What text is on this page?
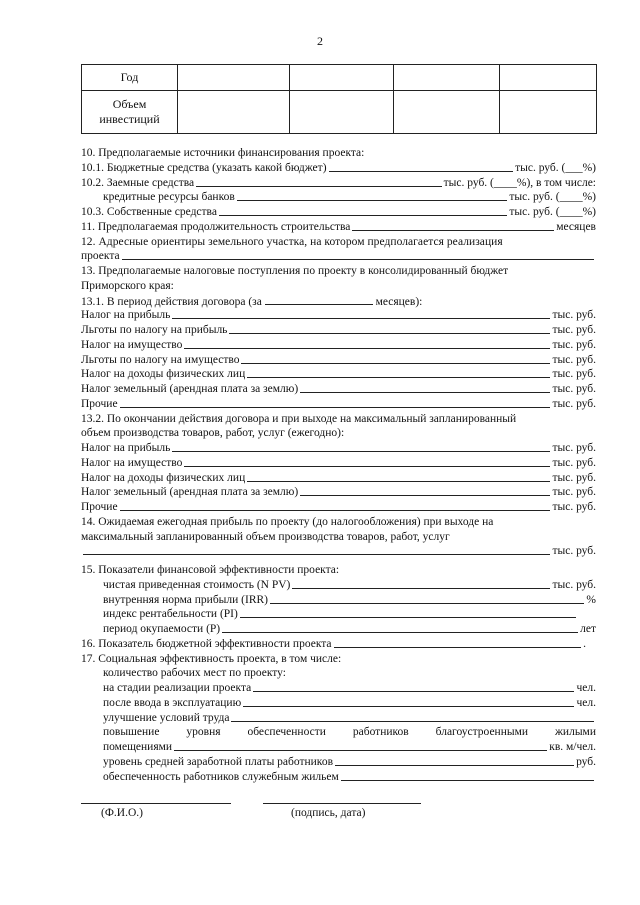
2
Год				
Объем инвестиций				
10. Предполагаемые источники финансирования проекта:
10.1. Бюджетные средства (указать какой бюджет)	тыс. руб. (___%)
10.2. Заемные средства	тыс. руб. (____%), в том числе:
кредитные ресурсы банков	тыс. руб. (____%)
10.3. Собственные средства	тыс. руб. (____%)
11. Предполагаемая продолжительность строительства	месяцев
12. Адресные ориентиры земельного участка, на котором предполагается реализация
проекта
13. Предполагаемые налоговые поступления по проекту в консолидированный бюджет
Приморского края:
13.1. В период действия договора (за

	месяцев):
Налог на прибыль	тыс. руб.
Льготы по налогу на прибыль	тыс. руб.
Налог на имущество	тыс. руб.
Льготы по налогу на имущество	тыс. руб.
Налог на доходы физических лиц	тыс. руб.
Налог земельный (арендная плата за землю)	тыс. руб.
Прочие	тыс. руб.
13.2. По окончании действия договора и при выходе на максимальный запланированный
объем производства товаров, работ, услуг (ежегодно):
Налог на прибыль	тыс. руб.
Налог на имущество	тыс. руб.
Налог на доходы физических лиц	тыс. руб.
Налог земельный (арендная плата за землю)	тыс. руб.
Прочие	тыс. руб.
14. Ожидаемая ежегодная прибыль по проекту (до налогообложения) при выходе на
максимальный запланированный объем производства товаров, работ, услуг
тыс. руб.
15. Показатели финансовой эффективности проекта:
чистая приведенная стоимость (N PV)	тыс. руб.
внутренняя норма прибыли (IRR)	%
индекс рентабельности (PI)
период окупаемости (P)	лет
16. Показатель бюджетной эффективности проекта	.
17. Социальная эффективность проекта, в том числе:
количество рабочих мест по проекту:
на стадии реализации проекта	чел.
после ввода в эксплуатацию	чел.
улучшение условий труда
повышение уровня обеспеченности работников благоустроенными жилыми
помещениями	кв. м/чел.
уровень средней заработной платы работников	руб.
обеспеченность работников служебным жильем
(Ф.И.О.)	(подпись, дата)
